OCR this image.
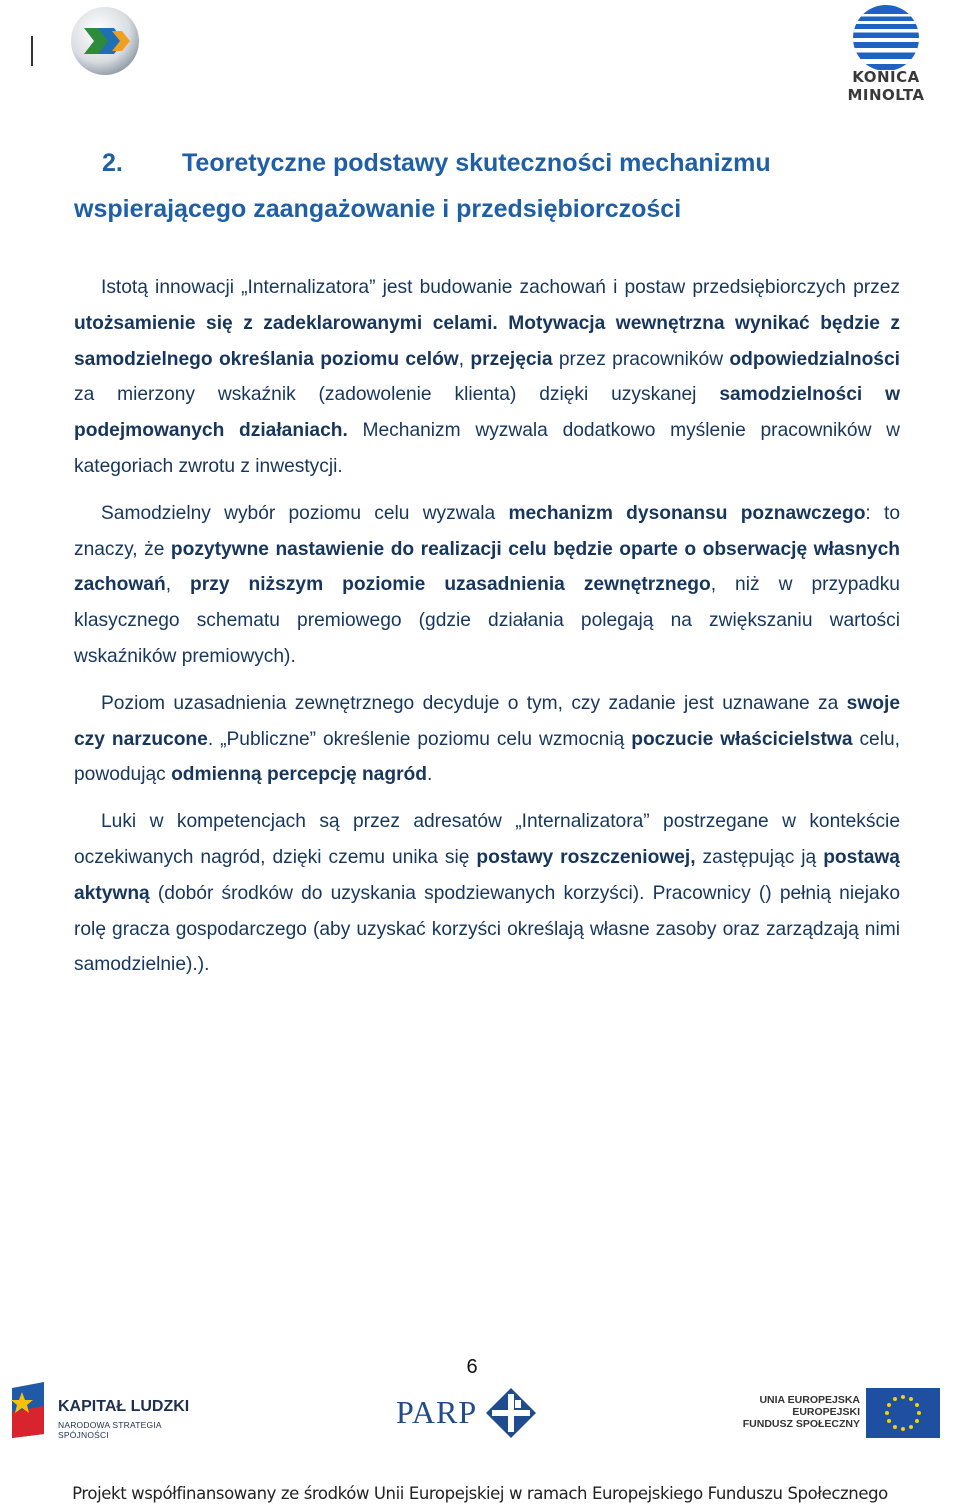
KONICA MINOLTA
2. Teoretyczne podstawy skuteczności mechanizmu
wspierającego zaangażowanie i przedsiębiorczości

Istotą innowacji „Internalizatora” jest budowanie zachowań i postaw przedsiębiorczych przez utożsamienie się z zadeklarowanymi celami. Motywacja wewnętrzna wynikać będzie z samodzielnego określania poziomu celów, przejęcia przez pracowników odpowiedzialności za mierzony wskaźnik (zadowolenie klienta) dzięki uzyskanej samodzielności w podejmowanych działaniach. Mechanizm wyzwala dodatkowo myślenie pracowników w kategoriach zwrotu z inwestycji.

Samodzielny wybór poziomu celu wyzwala mechanizm dysonansu poznawczego: to znaczy, że pozytywne nastawienie do realizacji celu będzie oparte o obserwację własnych zachowań, przy niższym poziomie uzasadnienia zewnętrznego, niż w przypadku klasycznego schematu premiowego (gdzie działania polegają na zwiększaniu wartości wskaźników premiowych).

Poziom uzasadnienia zewnętrznego decyduje o tym, czy zadanie jest uznawane za swoje czy narzucone. „Publiczne” określenie poziomu celu wzmocnią poczucie właścicielstwa celu, powodując odmienną percepcję nagród.

Luki w kompetencjach są przez adresatów „Internalizatora” postrzegane w kontekście oczekiwanych nagród, dzięki czemu unika się postawy roszczeniowej, zastępując ją postawą aktywną (dobór środków do uzyskania spodziewanych korzyści). Pracownicy () pełnią niejako rolę gracza gospodarczego (aby uzyskać korzyści określają własne zasoby oraz zarządzają nimi samodzielnie).).

6
KAPITAŁ LUDZKI
NARODOWA STRATEGIA SPÓJNOŚCI
PARP	UNIA EUROPEJSKA
EUROPEJSKI
FUNDUSZ SPOŁECZNY
Projekt współfinansowany ze środków Unii Europejskiej w ramach Europejskiego Funduszu Społecznego
